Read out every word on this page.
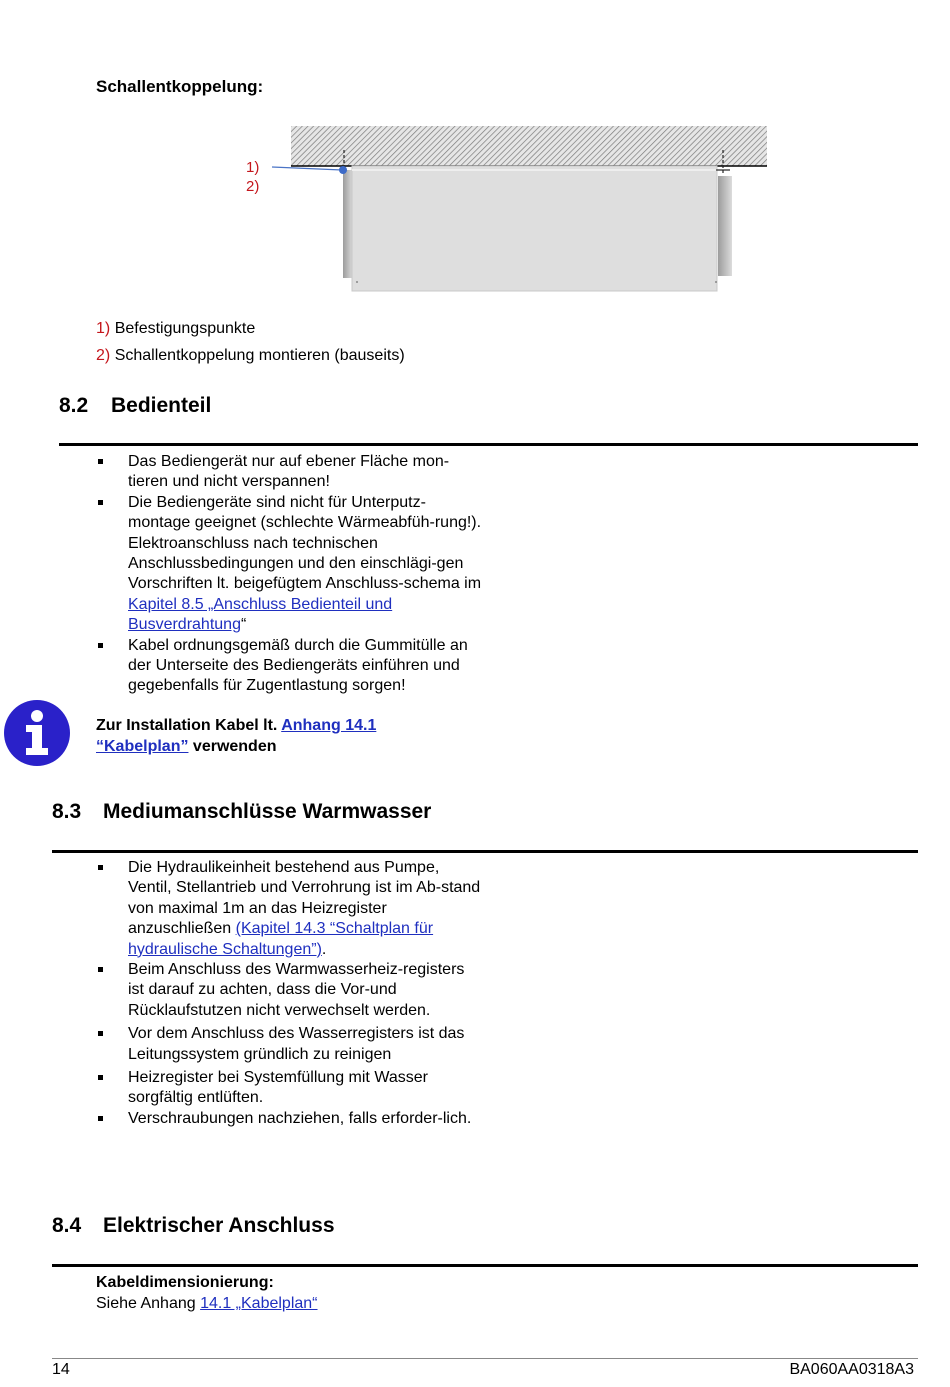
Schallentkoppelung:
1)
2)
1) Befestigungspunkte
2) Schallentkoppelung montieren (bauseits)
8.2 Bedienteil
Das Bediengerät nur auf ebener Fläche mon-tieren und nicht verspannen!
Die Bediengeräte sind nicht für Unterputz-montage geeignet (schlechte Wärmeabfüh-rung!). Elektroanschluss nach technischen Anschlussbedingungen und den einschlägi-gen Vorschriften lt. beigefügtem Anschluss-schema im Kapitel 8.5 „Anschluss Bedienteil und Busverdrahtung“
Kabel ordnungsgemäß durch die Gummitülle an der Unterseite des Bediengeräts einführen und gegebenfalls für Zugentlastung sorgen!
Zur Installation Kabel lt. Anhang 14.1 “Kabelplan” verwenden
8.3 Mediumanschlüsse Warmwasser
Die Hydraulikeinheit bestehend aus Pumpe, Ventil, Stellantrieb und Verrohrung ist im Ab-stand von maximal 1m an das Heizregister anzuschließen (Kapitel 14.3 “Schaltplan für hydraulische Schaltungen”).
Beim Anschluss des Warmwasserheiz-registers ist darauf zu achten, dass die Vor-und Rücklaufstutzen nicht verwechselt werden.
Vor dem Anschluss des Wasserregisters ist das Leitungssystem gründlich zu reinigen
Heizregister bei Systemfüllung mit Wasser sorgfältig entlüften.
Verschraubungen nachziehen, falls erforder-lich.
8.4 Elektrischer Anschluss
Kabeldimensionierung:
Siehe Anhang 14.1 „Kabelplan“
14	BA060AA0318A3
